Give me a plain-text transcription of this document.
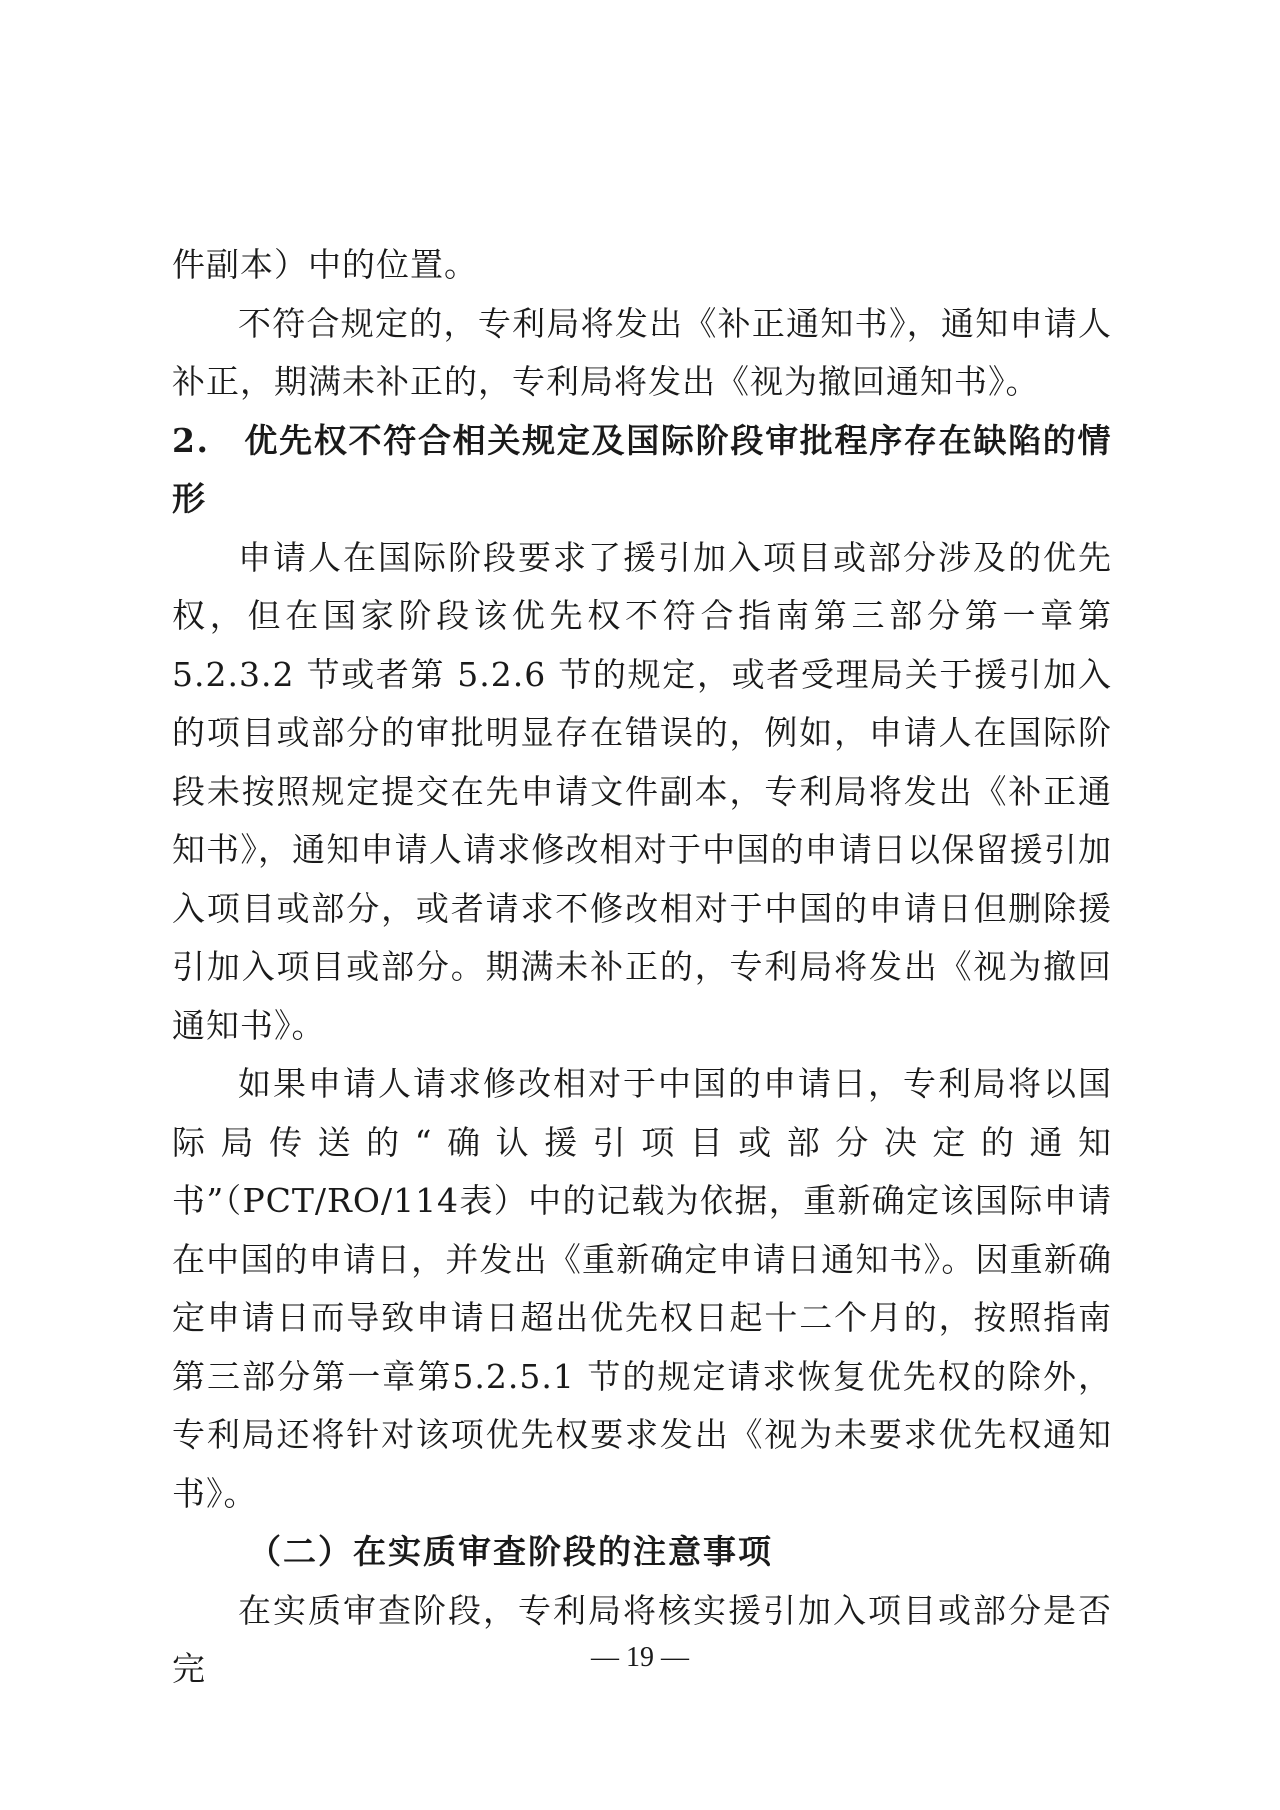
件副本）中的位置。

不符合规定的，专利局将发出《补正通知书》，通知申请人补正，期满未补正的，专利局将发出《视为撤回通知书》。

2.　优先权不符合相关规定及国际阶段审批程序存在缺陷的情形

申请人在国际阶段要求了援引加入项目或部分涉及的优先权，但在国家阶段该优先权不符合指南第三部分第一章第5.2.3.2 节或者第 5.2.6 节的规定，或者受理局关于援引加入的项目或部分的审批明显存在错误的，例如，申请人在国际阶段未按照规定提交在先申请文件副本，专利局将发出《补正通知书》，通知申请人请求修改相对于中国的申请日以保留援引加入项目或部分，或者请求不修改相对于中国的申请日但删除援引加入项目或部分。期满未补正的，专利局将发出《视为撤回通知书》。

如果申请人请求修改相对于中国的申请日，专利局将以国际局传送的“确认援引项目或部分决定的通知书”（PCT/RO/114表）中的记载为依据，重新确定该国际申请在中国的申请日，并发出《重新确定申请日通知书》。因重新确定申请日而导致申请日超出优先权日起十二个月的，按照指南第三部分第一章第5.2.5.1 节的规定请求恢复优先权的除外，专利局还将针对该项优先权要求发出《视为未要求优先权通知书》。

（二）在实质审查阶段的注意事项

在实质审查阶段，专利局将核实援引加入项目或部分是否完	— 19 —
